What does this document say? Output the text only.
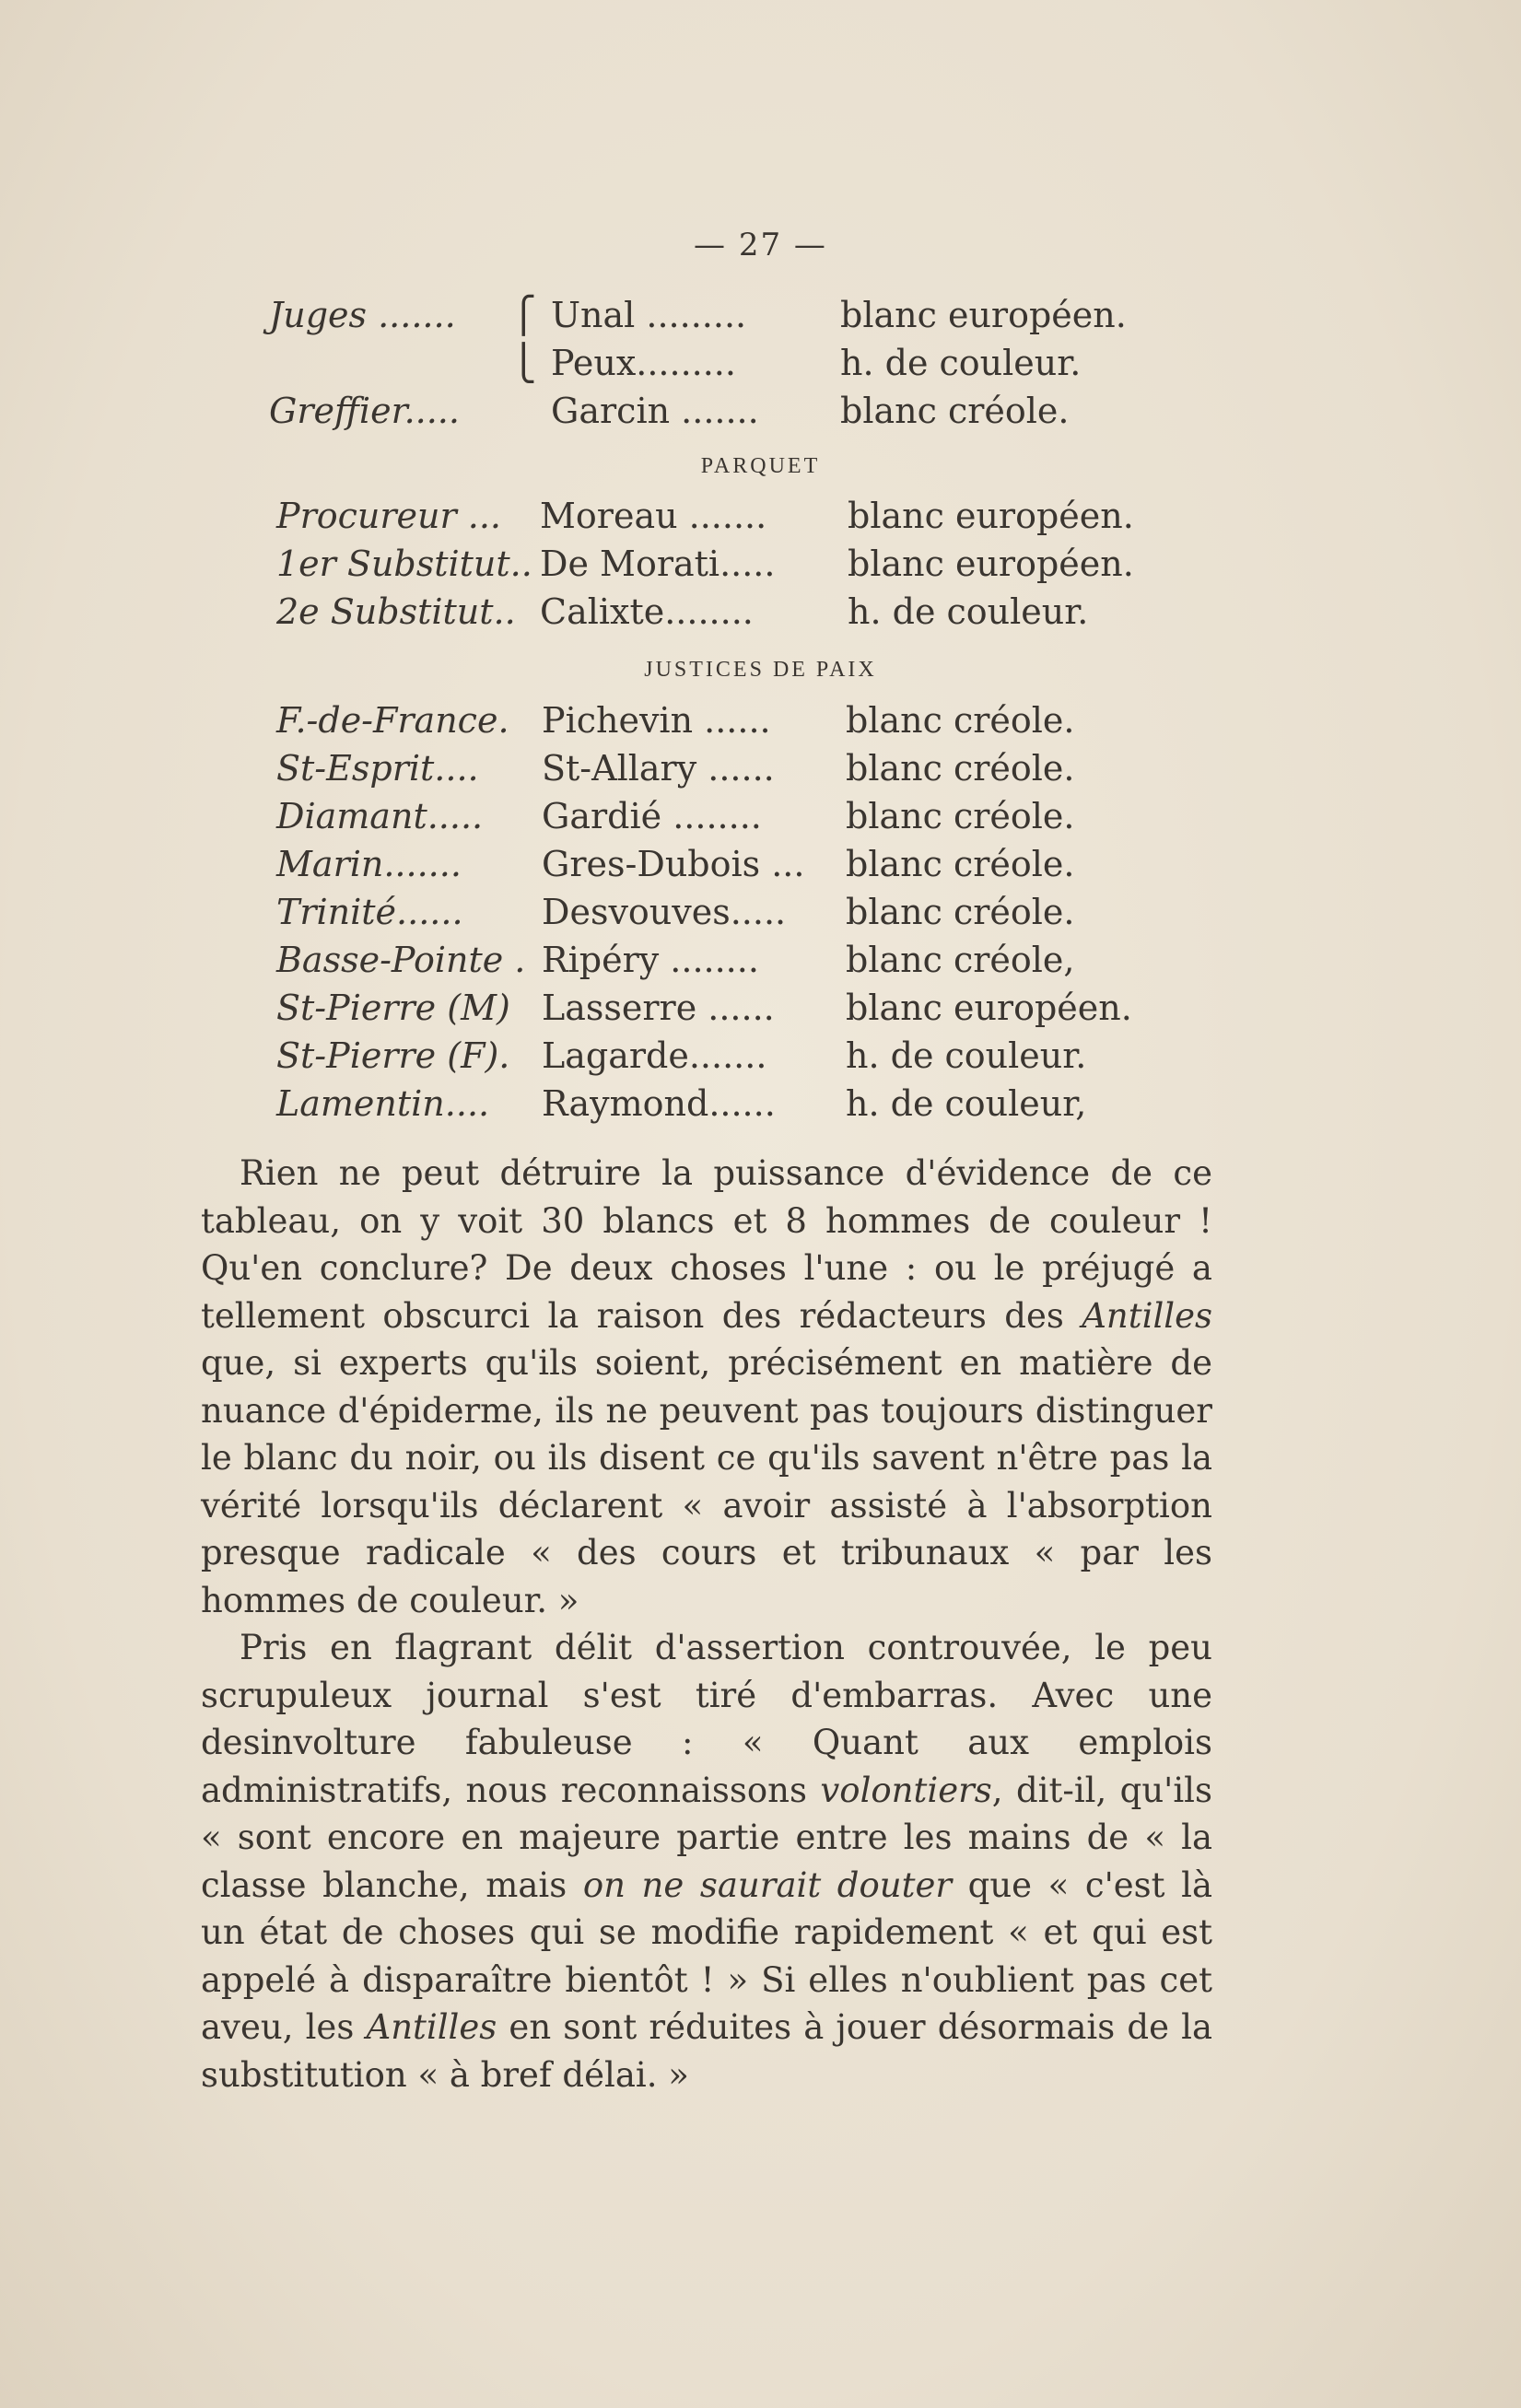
— 27 —
Juges ....... ⎧ Unal .........	blanc européen.
⎩ Peux.........	h. de couleur.
Greffier.....	Garcin ....... blanc créole.
PARQUET
Procureur ... Moreau ....... blanc européen.
1er Substitut.. De Morati..... blanc européen.
2e Substitut.. Calixte........	h. de couleur.
JUSTICES DE PAIX
F.-de-France. Pichevin ...... blanc créole.
St-Esprit.... St-Allary ...... blanc créole.
Diamant..... Gardié ........ blanc créole.
Marin....... Gres-Dubois ... blanc créole.
Trinité...... Desvouves..... blanc créole.
Basse-Pointe . Ripéry ........ blanc créole,
St-Pierre (M) Lasserre ...... blanc européen.
St-Pierre (F). Lagarde....... h. de couleur.
Lamentin.... Raymond...... h. de couleur,

Rien ne peut détruire la puissance d'évidence de ce tableau, on y voit 30 blancs et 8 hommes de couleur ! Qu'en conclure? De deux choses l'une : ou le préjugé a tellement obscurci la raison des rédacteurs des Antilles que, si experts qu'ils soient, précisément en matière de nuance d'épiderme, ils ne peuvent pas toujours distinguer le blanc du noir, ou ils disent ce qu'ils savent n'être pas la vérité lorsqu'ils déclarent « avoir assisté à l'absorption presque radicale « des cours et tribunaux « par les hommes de couleur. »

Pris en flagrant délit d'assertion controuvée, le peu scrupuleux journal s'est tiré d'embarras. Avec une desinvolture fabuleuse : « Quant aux emplois administratifs, nous reconnaissons volontiers, dit-il, qu'ils « sont encore en majeure partie entre les mains de « la classe blanche, mais on ne saurait douter que « c'est là un état de choses qui se modifie rapidement « et qui est appelé à disparaître bientôt ! » Si elles n'oublient pas cet aveu, les Antilles en sont réduites à jouer désormais de la substitution « à bref délai. »
